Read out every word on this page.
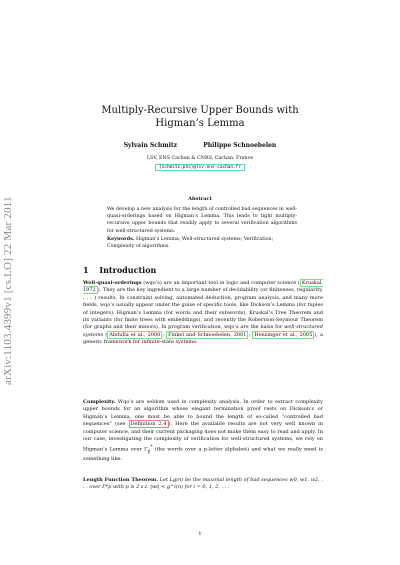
arXiv:1103.4399v1 [cs.LO] 22 Mar 2011
Multiply-Recursive Upper Bounds with
Higman’s Lemma
Sylvain Schmitz	Philippe Schnoebelen
LSV, ENS Cachan & CNRS, Cachan, France
{schmitz,phs}@lsv.ens-cachan.fr
Abstract
We develop a new analysis for the length of controlled bad sequences in well-quasi-orderings based on Higman’s Lemma. This leads to tight multiply-recursive upper bounds that readily apply to several verification algorithms for well-structured systems.
Keywords. Higman’s Lemma; Well-structured systems; Verification; Complexity of algorithms.
1 Introduction
Well-quasi-orderings (wqo’s) are an important tool in logic and computer science ( Kruskal, 1972 ). They are the key ingredient to a large number of decidability (or finiteness, regularity, . . . ) results. In constraint solving, automated deduction, program analysis, and many more fields, wqo’s usually appear under the guise of specific tools, like Dickson’s Lemma (for tuples of integers), Higman’s Lemma (for words and their subwords), Kruskal’s Tree Theorem and its variants (for finite trees with embeddings), and recently the Robertson-Seymour Theorem (for graphs and their minors). In program verification, wqo’s are the basis for well-structured systems ( Abdulla et al., 2000 ; Finkel and Schnoebelen, 2001 ; Henzinger et al., 2005 ), a generic framework for infinite-state systems.
Complexity. Wqo’s are seldom used in complexity analysis. In order to extract complexity upper bounds for an algorithm whose elegant termination proof rests on Dickson’s or Higman’s Lemma, one must be able to bound the length of so-called “controlled bad sequences” (see Definition 2.4 ). Here the available results are not very well known in computer science, and their current packaging does not make them easy to read and apply. In our case, investigating the complexity of verification for well-structured systems, we rely on Higman’s Lemma over $\Gamma_p^*$ (the words over a p-letter alphabet) and what we really need is something like:
Length Function Theorem. Let Lg(n) be the maximal length of bad sequences w0, w1, w2, . . . over Γ*p with p ≥ 2 s.t. |wi| < g^i(n) for i = 0, 1, 2, . . .
1
